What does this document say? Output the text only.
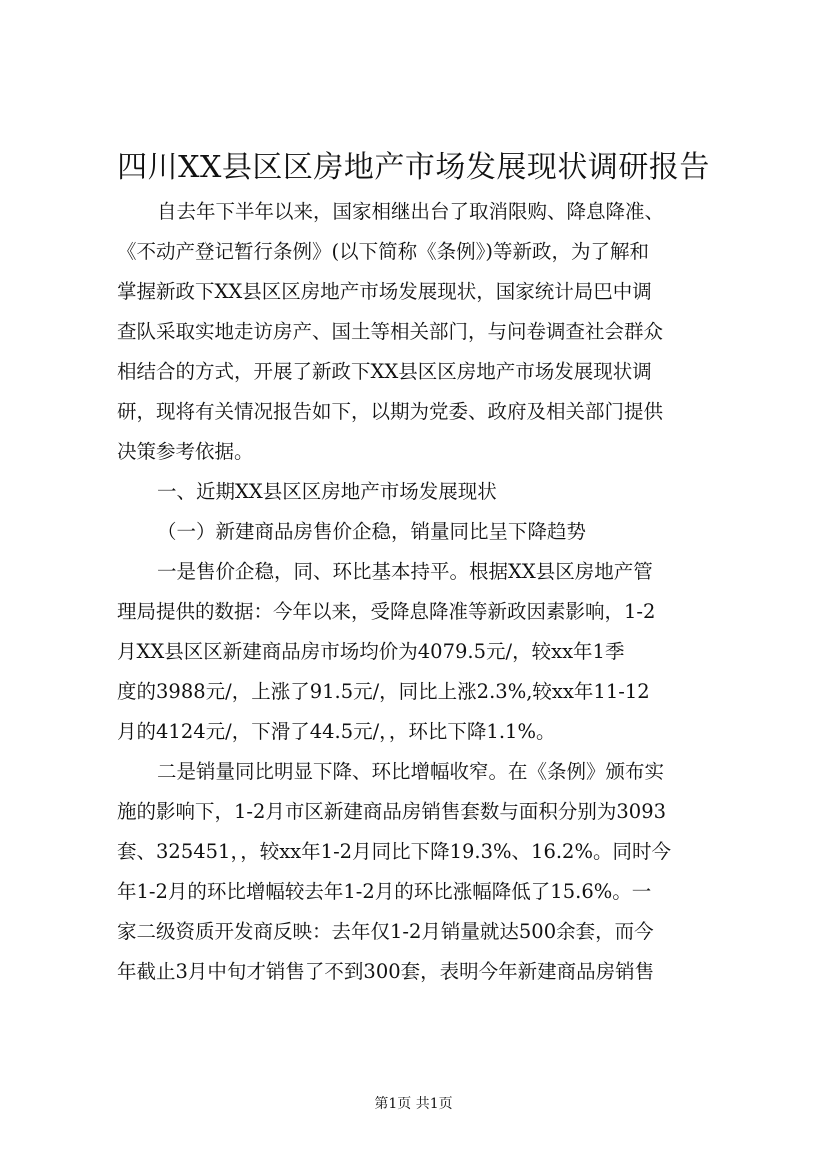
四川XX县区区房地产市场发展现状调研报告
自去年下半年以来，国家相继出台了取消限购、降息降准、
《不动产登记暂行条例》(以下简称《条例》)等新政，为了解和
掌握新政下XX县区区房地产市场发展现状，国家统计局巴中调
查队采取实地走访房产、国土等相关部门，与问卷调查社会群众
相结合的方式，开展了新政下XX县区区房地产市场发展现状调
研，现将有关情况报告如下，以期为党委、政府及相关部门提供
决策参考依据。
一、近期XX县区区房地产市场发展现状
（一）新建商品房售价企稳，销量同比呈下降趋势
一是售价企稳，同、环比基本持平。根据XX县区房地产管
理局提供的数据：今年以来，受降息降准等新政因素影响，1-2
月XX县区区新建商品房市场均价为4079.5元/，较xx年1季
度的3988元/，上涨了91.5元/，同比上涨2.3%,较xx年11-12
月的4124元/，下滑了44.5元/，，环比下降1.1%。
二是销量同比明显下降、环比增幅收窄。在《条例》颁布实
施的影响下，1-2月市区新建商品房销售套数与面积分别为3093
套、325451，，较xx年1-2月同比下降19.3%、16.2%。同时今
年1-2月的环比增幅较去年1-2月的环比涨幅降低了15.6%。一
家二级资质开发商反映：去年仅1-2月销量就达500余套，而今
年截止3月中旬才销售了不到300套，表明今年新建商品房销售
第1页 共1页
